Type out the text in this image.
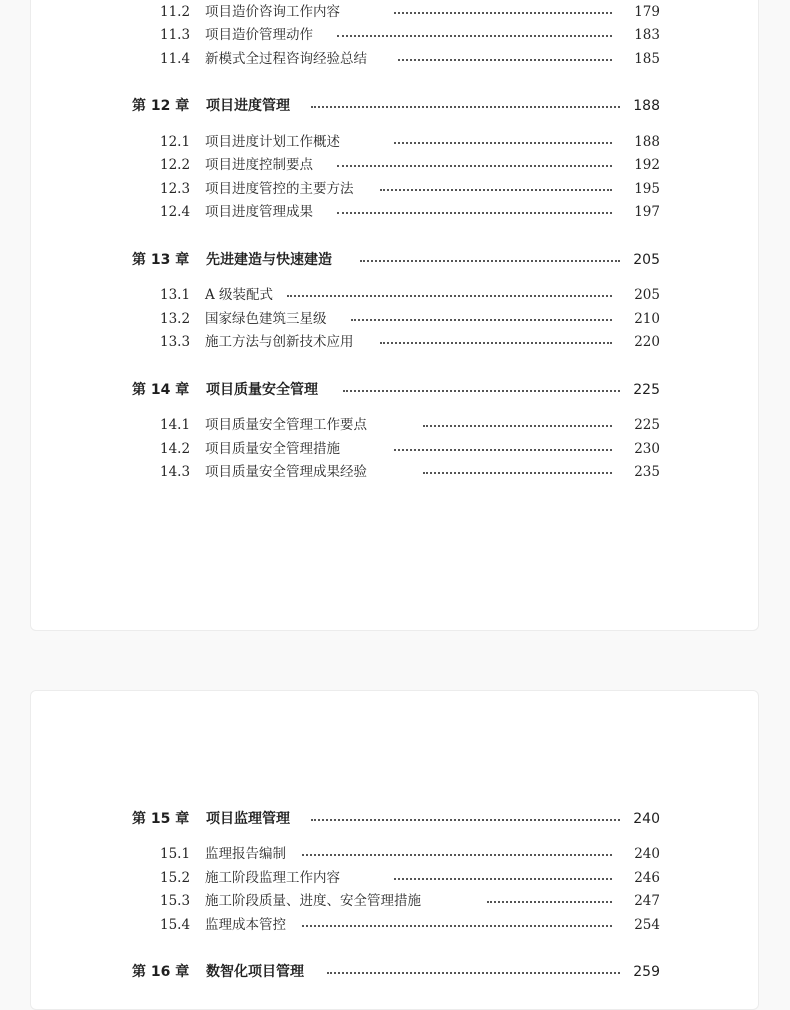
11.2 项目造价咨询工作内容	179
11.3 项目造价管理动作	183
11.4 新模式全过程咨询经验总结	185
第 12 章 项目进度管理	188
12.1 项目进度计划工作概述	188
12.2 项目进度控制要点	192
12.3 项目进度管控的主要方法	195
12.4 项目进度管理成果	197
第 13 章 先进建造与快速建造	205
13.1 A 级装配式	205
13.2 国家绿色建筑三星级	210
13.3 施工方法与创新技术应用	220
第 14 章 项目质量安全管理	225
14.1 项目质量安全管理工作要点	225
14.2 项目质量安全管理措施	230
14.3 项目质量安全管理成果经验	235
第 15 章 项目监理管理	240
15.1 监理报告编制	240
15.2 施工阶段监理工作内容	246
15.3 施工阶段质量、进度、安全管理措施	247
15.4 监理成本管控	254
第 16 章 数智化项目管理	259
